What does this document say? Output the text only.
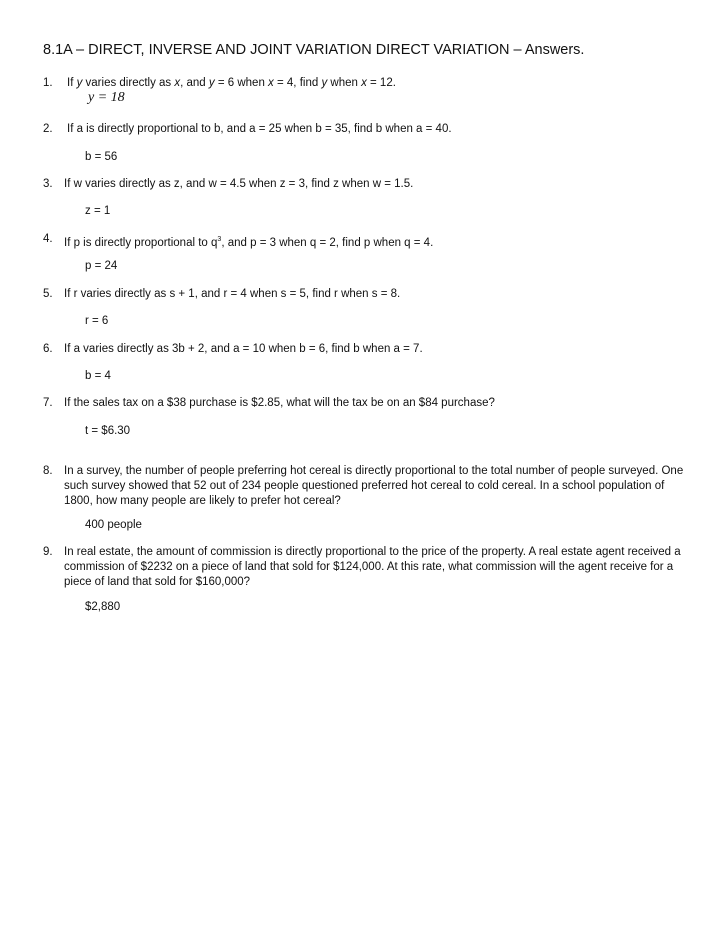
8.1A – DIRECT, INVERSE AND JOINT VARIATION DIRECT VARIATION – Answers.
1. If y varies directly as x, and y = 6 when x = 4, find y when x = 12.
y = 18
2. If a is directly proportional to b, and a = 25 when b = 35, find b when a = 40.
b = 56
3. If w varies directly as z, and w = 4.5 when z = 3, find z when w = 1.5.
z = 1
4. If p is directly proportional to $q^3$, and p = 3 when q = 2, find p when q = 4.
p = 24
5. If r varies directly as s + 1, and r = 4 when s = 5, find r when s = 8.
r = 6
6. If a varies directly as 3b + 2, and a = 10 when b = 6, find b when a = 7.
b = 4
7. If the sales tax on a $38 purchase is $2.85, what will the tax be on an $84 purchase?
t = $6.30
8. In a survey, the number of people preferring hot cereal is directly proportional to the total number of people surveyed. One such survey showed that 52 out of 234 people questioned preferred hot cereal to cold cereal. In a school population of 1800, how many people are likely to prefer hot cereal?
400 people
9. In real estate, the amount of commission is directly proportional to the price of the property. A real estate agent received a commission of $2232 on a piece of land that sold for $124,000. At this rate, what commission will the agent receive for a piece of land that sold for $160,000?
$2,880
